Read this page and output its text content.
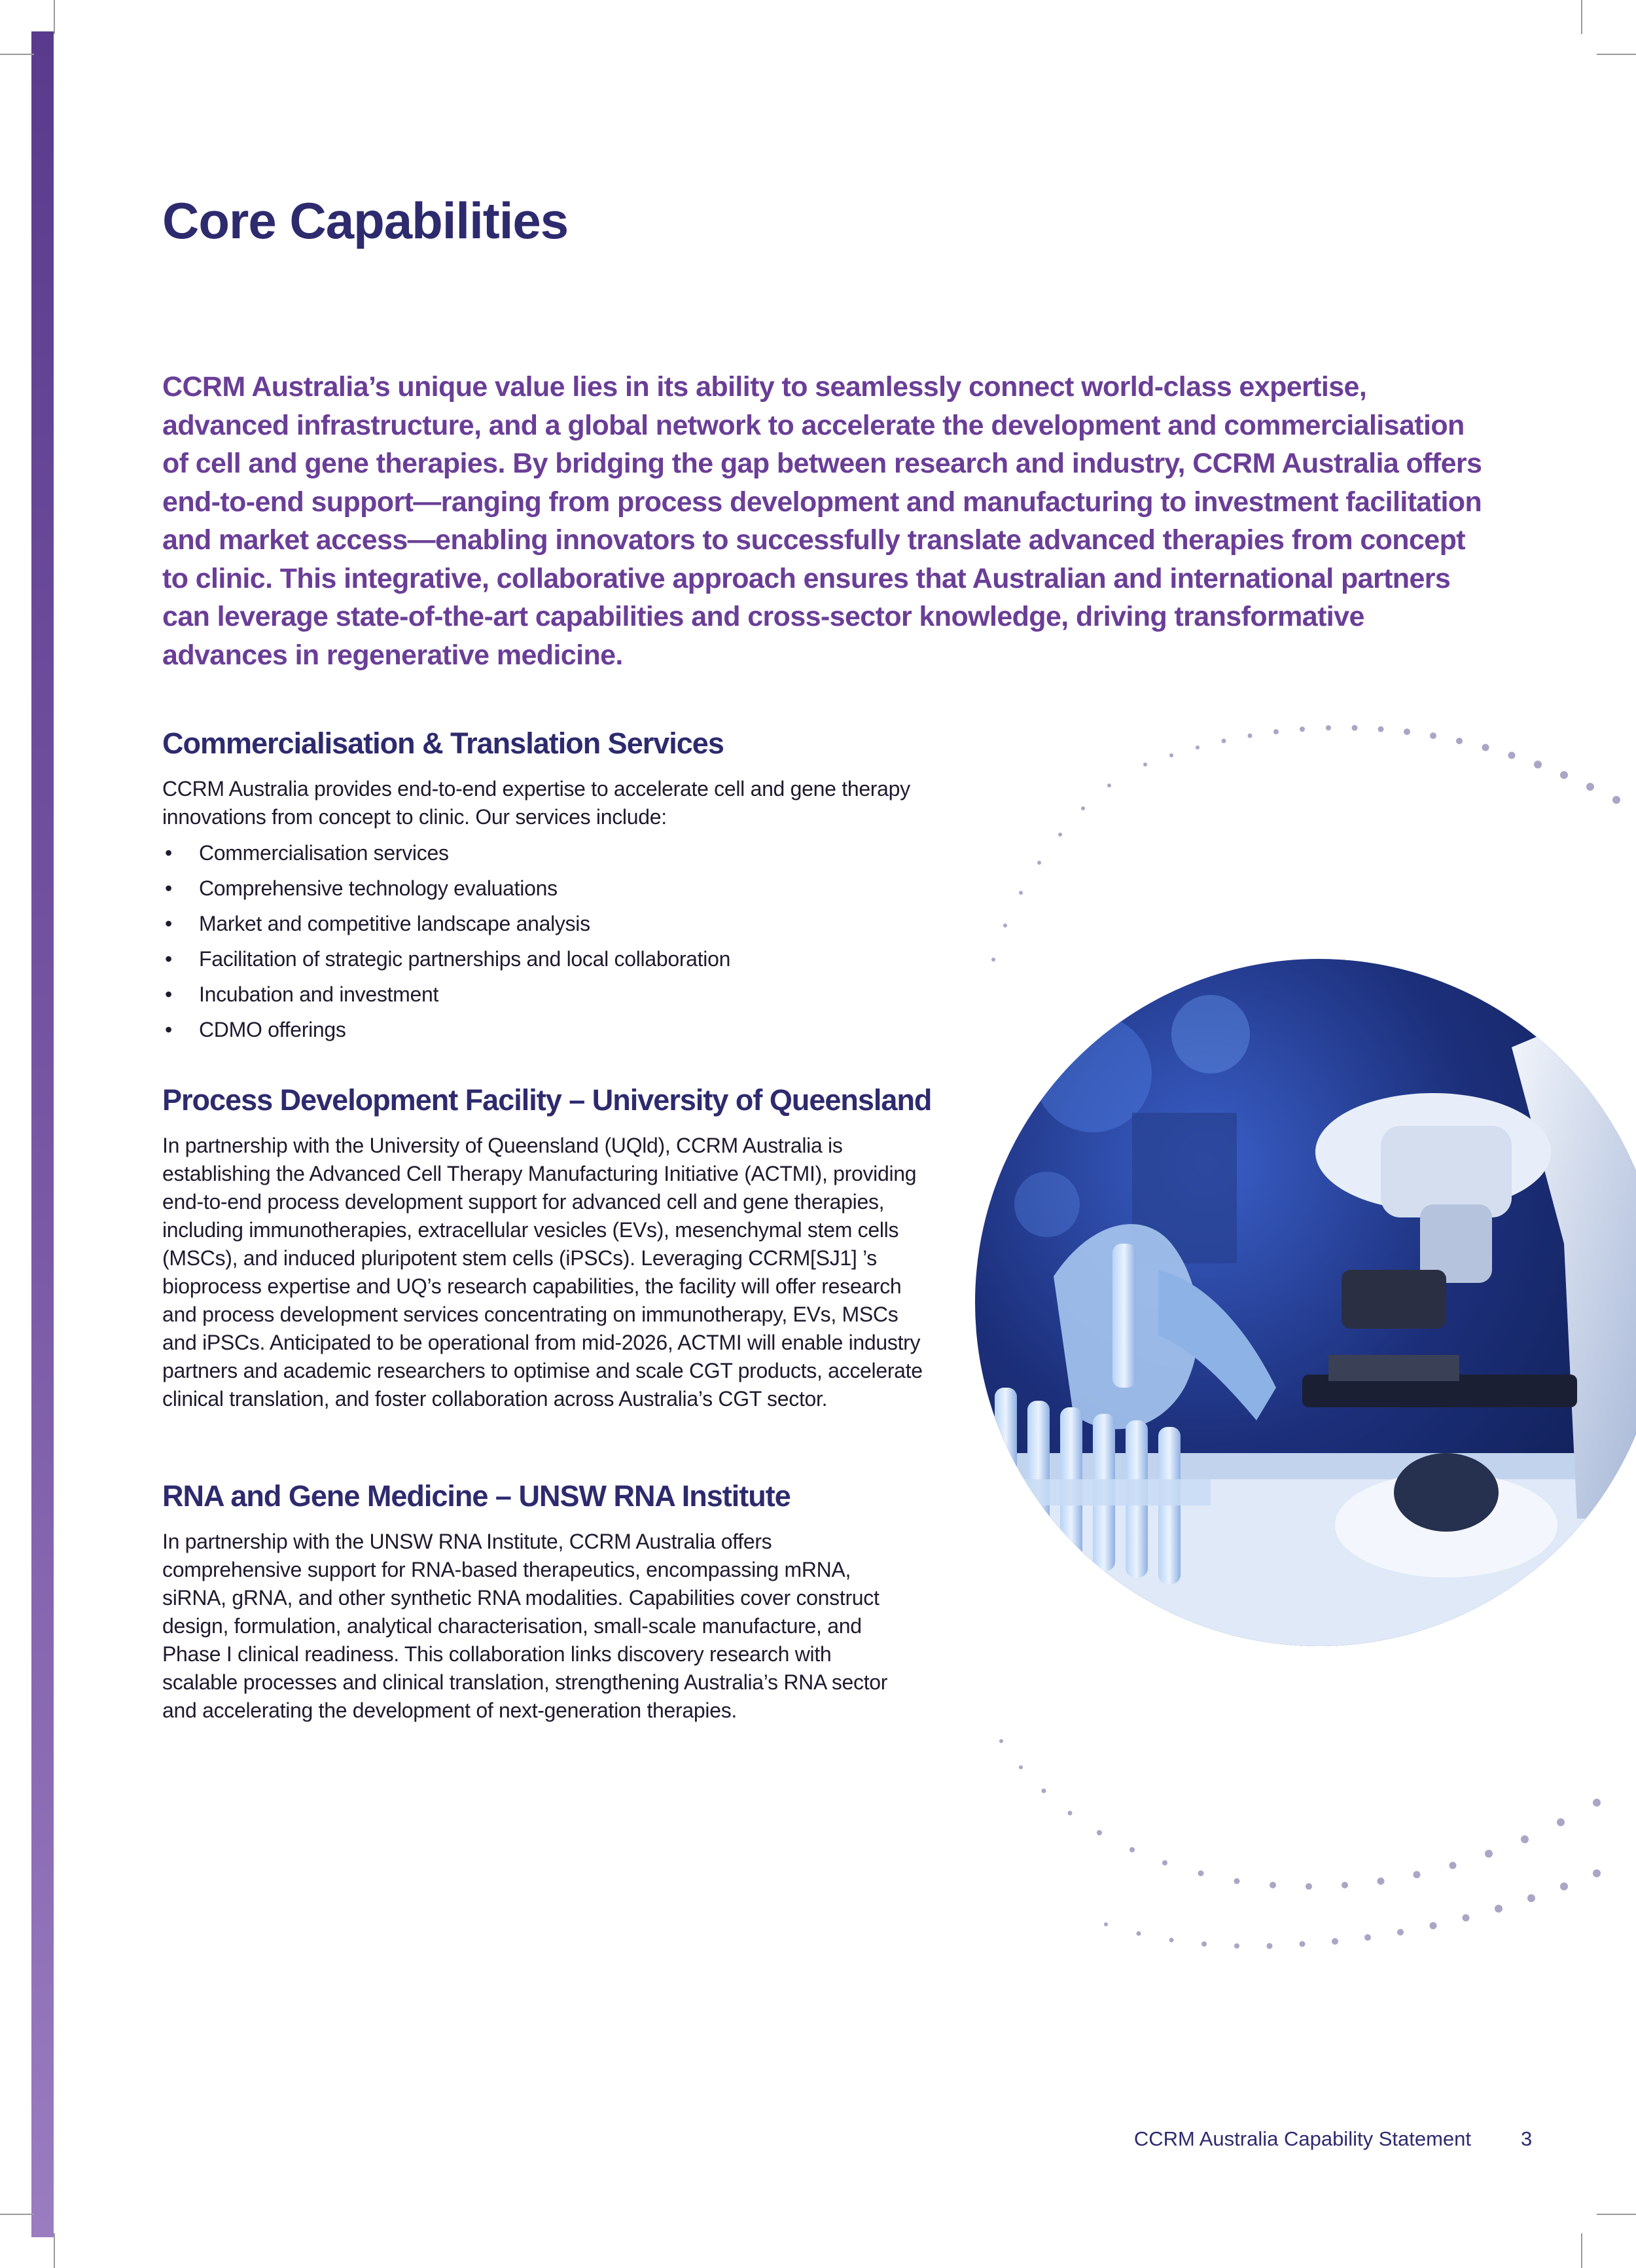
Core Capabilities

CCRM Australia’s unique value lies in its ability to seamlessly connect world-class expertise, advanced infrastructure, and a global network to accelerate the development and commercialisation of cell and gene therapies. By bridging the gap between research and industry, CCRM Australia offers end-to-end support—ranging from process development and manufacturing to investment facilitation and market access—enabling innovators to successfully translate advanced therapies from concept to clinic. This integrative, collaborative approach ensures that Australian and international partners can leverage state-of-the-art capabilities and cross-sector knowledge, driving transformative advances in regenerative medicine.

Commercialisation & Translation Services

CCRM Australia provides end-to-end expertise to accelerate cell and gene therapy innovations from concept to clinic. Our services include:

• Commercialisation services
• Comprehensive technology evaluations
• Market and competitive landscape analysis
• Facilitation of strategic partnerships and local collaboration
• Incubation and investment
• CDMO offerings
Process Development Facility – University of Queensland

In partnership with the University of Queensland (UQld), CCRM Australia is establishing the Advanced Cell Therapy Manufacturing Initiative (ACTMI), providing end-to-end process development support for advanced cell and gene therapies, including immunotherapies, extracellular vesicles (EVs), mesenchymal stem cells (MSCs), and induced pluripotent stem cells (iPSCs). Leveraging CCRM[SJ1] ’s bioprocess expertise and UQ’s research capabilities, the facility will offer research and process development services concentrating on immunotherapy, EVs, MSCs and iPSCs. Anticipated to be operational from mid-2026, ACTMI will enable industry partners and academic researchers to optimise and scale CGT products, accelerate clinical translation, and foster collaboration across Australia’s CGT sector.

RNA and Gene Medicine – UNSW RNA Institute

In partnership with the UNSW RNA Institute, CCRM Australia offers comprehensive support for RNA-based therapeutics, encompassing mRNA, siRNA, gRNA, and other synthetic RNA modalities. Capabilities cover construct design, formulation, analytical characterisation, small-scale manufacture, and Phase I clinical readiness. This collaboration links discovery research with scalable processes and clinical translation, strengthening Australia’s RNA sector and accelerating the development of next-generation therapies.

CCRM Australia Capability Statement 3
